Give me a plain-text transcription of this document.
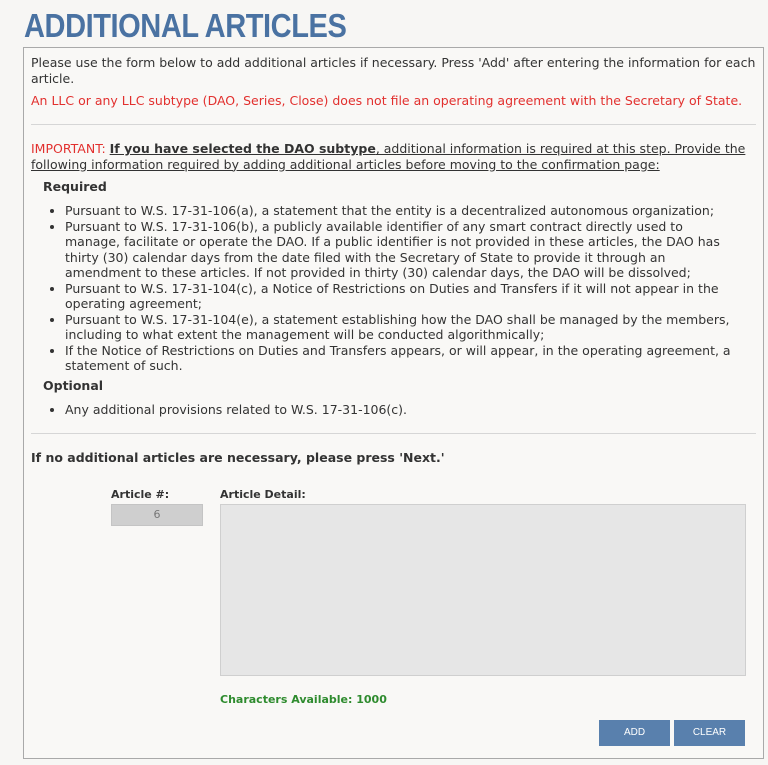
ADDITIONAL ARTICLES
Please use the form below to add additional articles if necessary. Press 'Add' after entering the information for each article.
An LLC or any LLC subtype (DAO, Series, Close) does not file an operating agreement with the Secretary of State.
IMPORTANT: If you have selected the DAO subtype, additional information is required at this step. Provide the following information required by adding additional articles before moving to the confirmation page:
Required
• Pursuant to W.S. 17-31-106(a), a statement that the entity is a decentralized autonomous organization;
• Pursuant to W.S. 17-31-106(b), a publicly available identifier of any smart contract directly used to manage, facilitate or operate the DAO. If a public identifier is not provided in these articles, the DAO has thirty (30) calendar days from the date filed with the Secretary of State to provide it through an amendment to these articles. If not provided in thirty (30) calendar days, the DAO will be dissolved;
• Pursuant to W.S. 17-31-104(c), a Notice of Restrictions on Duties and Transfers if it will not appear in the operating agreement;
• Pursuant to W.S. 17-31-104(e), a statement establishing how the DAO shall be managed by the members, including to what extent the management will be conducted algorithmically;
• If the Notice of Restrictions on Duties and Transfers appears, or will appear, in the operating agreement, a statement of such.
Optional
• Any additional provisions related to W.S. 17-31-106(c).
If no additional articles are necessary, please press 'Next.'
Article #:
6
Article Detail:
Characters Available: 1000
ADD	CLEAR
